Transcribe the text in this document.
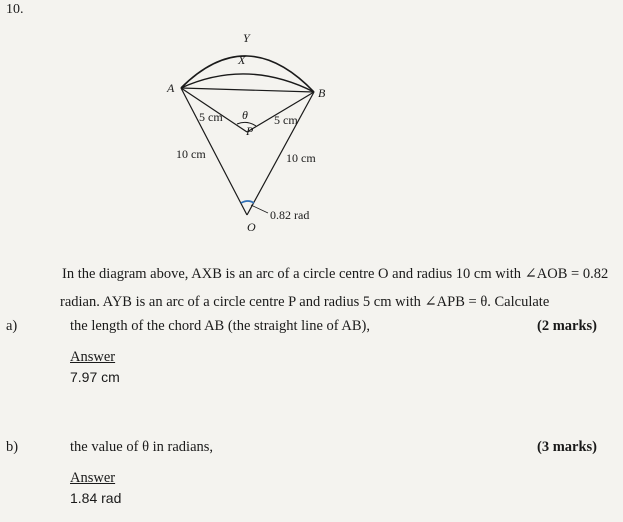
10.
Y
X
A	B
5 cm	5 cm
θ
P
10 cm	10 cm
0.82 rad
O
In the diagram above, AXB is an arc of a circle centre O and radius 10 cm with ∠AOB = 0.82
radian. AYB is an arc of a circle centre P and radius 5 cm with ∠APB = θ. Calculate
a)	the length of the chord AB (the straight line of AB),	(2 marks)
Answer
7.97 cm
b)	the value of θ in radians,	(3 marks)
Answer
1.84 rad
